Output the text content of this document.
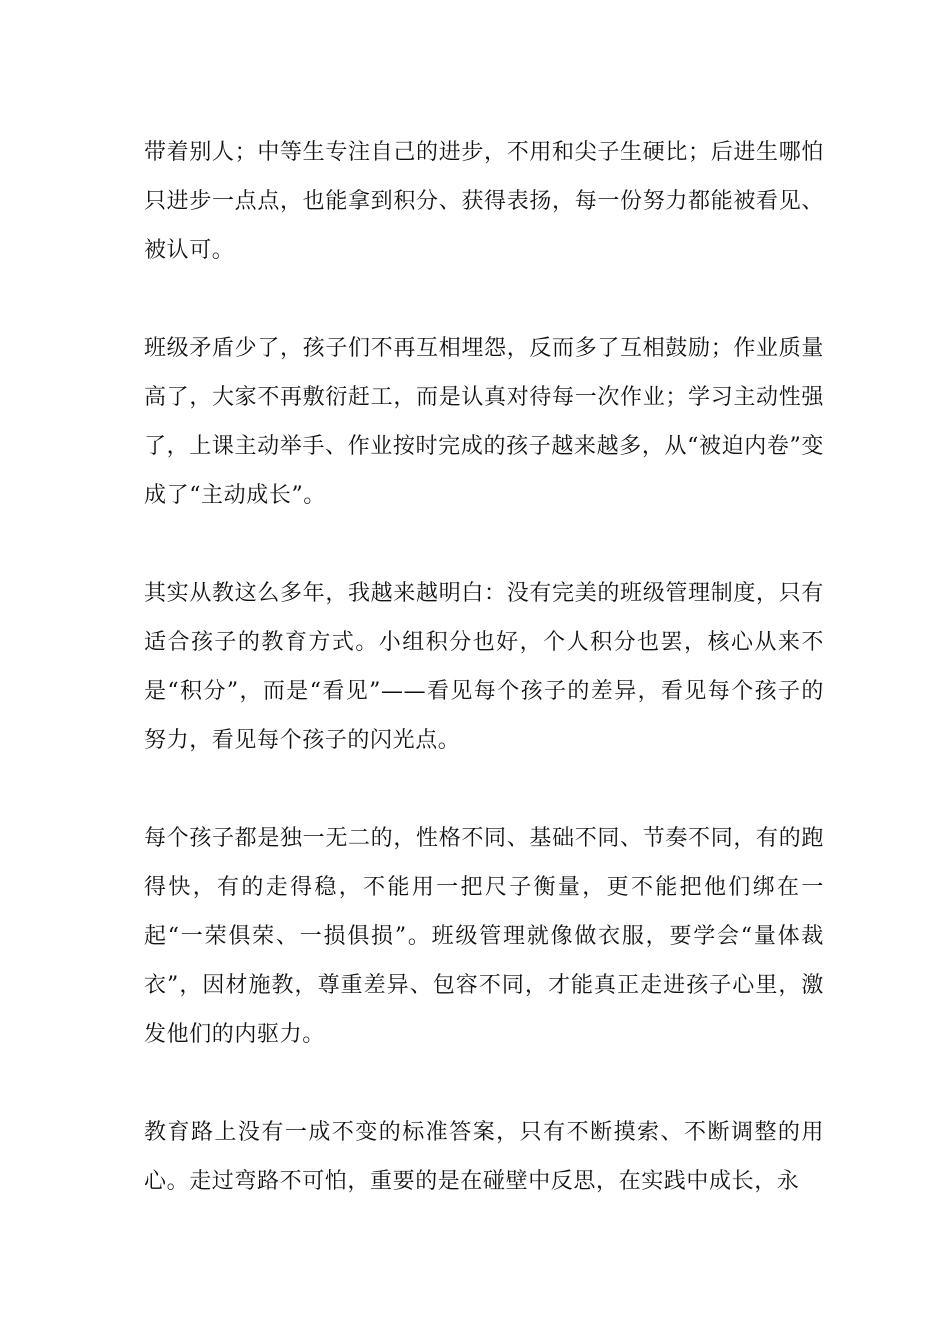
带着别人；中等生专注自己的进步，不用和尖子生硬比；后进生哪怕只进步一点点，也能拿到积分、获得表扬，每一份努力都能被看见、被认可。

班级矛盾少了，孩子们不再互相埋怨，反而多了互相鼓励；作业质量高了，大家不再敷衍赶工，而是认真对待每一次作业；学习主动性强了，上课主动举手、作业按时完成的孩子越来越多，从“被迫内卷”变成了“主动成长”。

其实从教这么多年，我越来越明白：没有完美的班级管理制度，只有适合孩子的教育方式。小组积分也好，个人积分也罢，核心从来不是“积分”，而是“看见”——看见每个孩子的差异，看见每个孩子的努力，看见每个孩子的闪光点。

每个孩子都是独一无二的，性格不同、基础不同、节奏不同，有的跑得快，有的走得稳，不能用一把尺子衡量，更不能把他们绑在一起“一荣俱荣、一损俱损”。班级管理就像做衣服，要学会“量体裁衣”，因材施教，尊重差异、包容不同，才能真正走进孩子心里，激发他们的内驱力。

教育路上没有一成不变的标准答案，只有不断摸索、不断调整的用心。走过弯路不可怕，重要的是在碰壁中反思，在实践中成长，永
